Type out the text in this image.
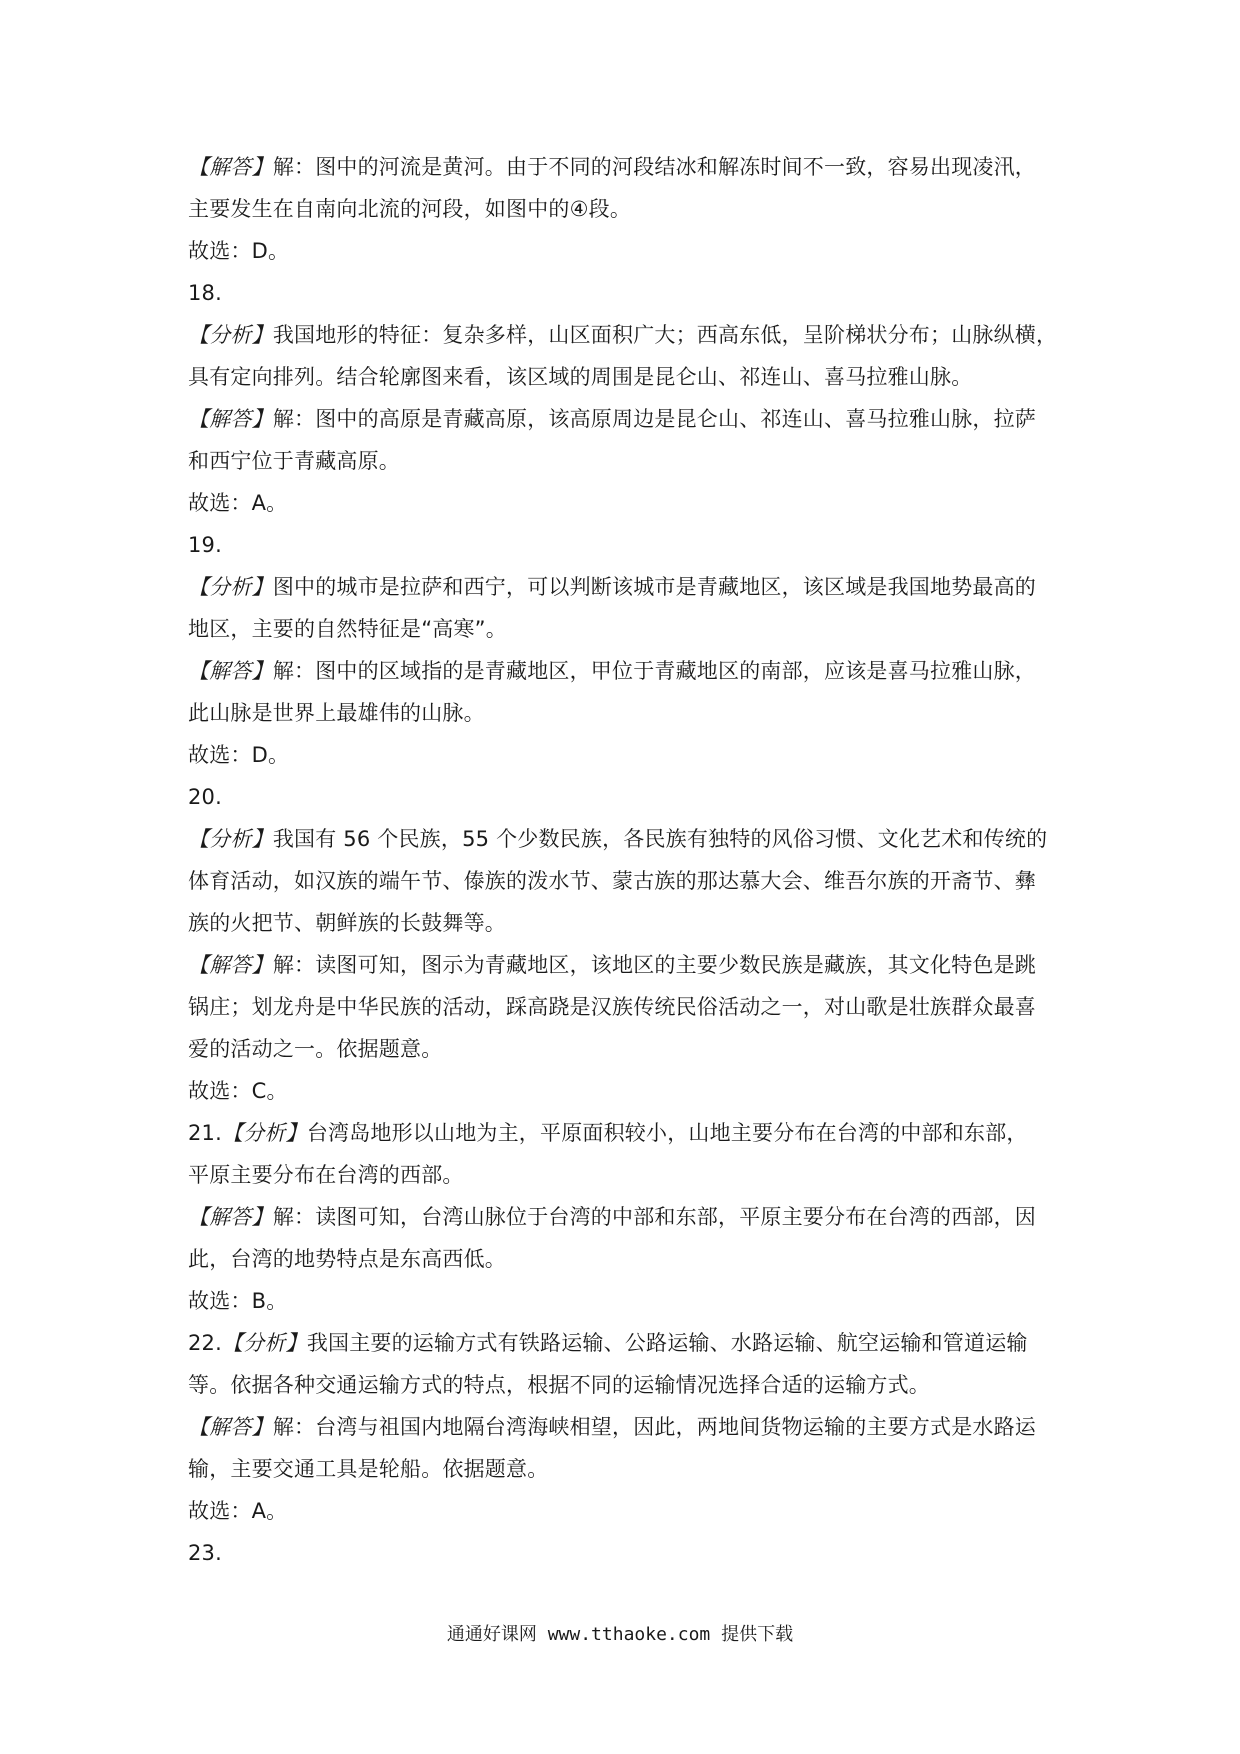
【解答】解：图中的河流是黄河。由于不同的河段结冰和解冻时间不一致，容易出现凌汛，
主要发生在自南向北流的河段，如图中的④段。
故选：D。
18.
【分析】我国地形的特征：复杂多样，山区面积广大；西高东低，呈阶梯状分布；山脉纵横，
具有定向排列。结合轮廓图来看，该区域的周围是昆仑山、祁连山、喜马拉雅山脉。
【解答】解：图中的高原是青藏高原，该高原周边是昆仑山、祁连山、喜马拉雅山脉，拉萨
和西宁位于青藏高原。
故选：A。
19.
【分析】图中的城市是拉萨和西宁，可以判断该城市是青藏地区，该区域是我国地势最高的
地区，主要的自然特征是“高寒”。
【解答】解：图中的区域指的是青藏地区，甲位于青藏地区的南部，应该是喜马拉雅山脉，
此山脉是世界上最雄伟的山脉。
故选：D。
20.
【分析】我国有 56 个民族，55 个少数民族，各民族有独特的风俗习惯、文化艺术和传统的
体育活动，如汉族的端午节、傣族的泼水节、蒙古族的那达慕大会、维吾尔族的开斋节、彝
族的火把节、朝鲜族的长鼓舞等。
【解答】解：读图可知，图示为青藏地区，该地区的主要少数民族是藏族，其文化特色是跳
锅庄；划龙舟是中华民族的活动，踩高跷是汉族传统民俗活动之一，对山歌是壮族群众最喜
爱的活动之一。依据题意。
故选：C。
21.【分析】台湾岛地形以山地为主，平原面积较小，山地主要分布在台湾的中部和东部，
平原主要分布在台湾的西部。
【解答】解：读图可知，台湾山脉位于台湾的中部和东部，平原主要分布在台湾的西部，因
此，台湾的地势特点是东高西低。
故选：B。
22.【分析】我国主要的运输方式有铁路运输、公路运输、水路运输、航空运输和管道运输
等。依据各种交通运输方式的特点，根据不同的运输情况选择合适的运输方式。
【解答】解：台湾与祖国内地隔台湾海峡相望，因此，两地间货物运输的主要方式是水路运
输，主要交通工具是轮船。依据题意。
故选：A。
23.
通通好课网 www.tthaoke.com 提供下载
